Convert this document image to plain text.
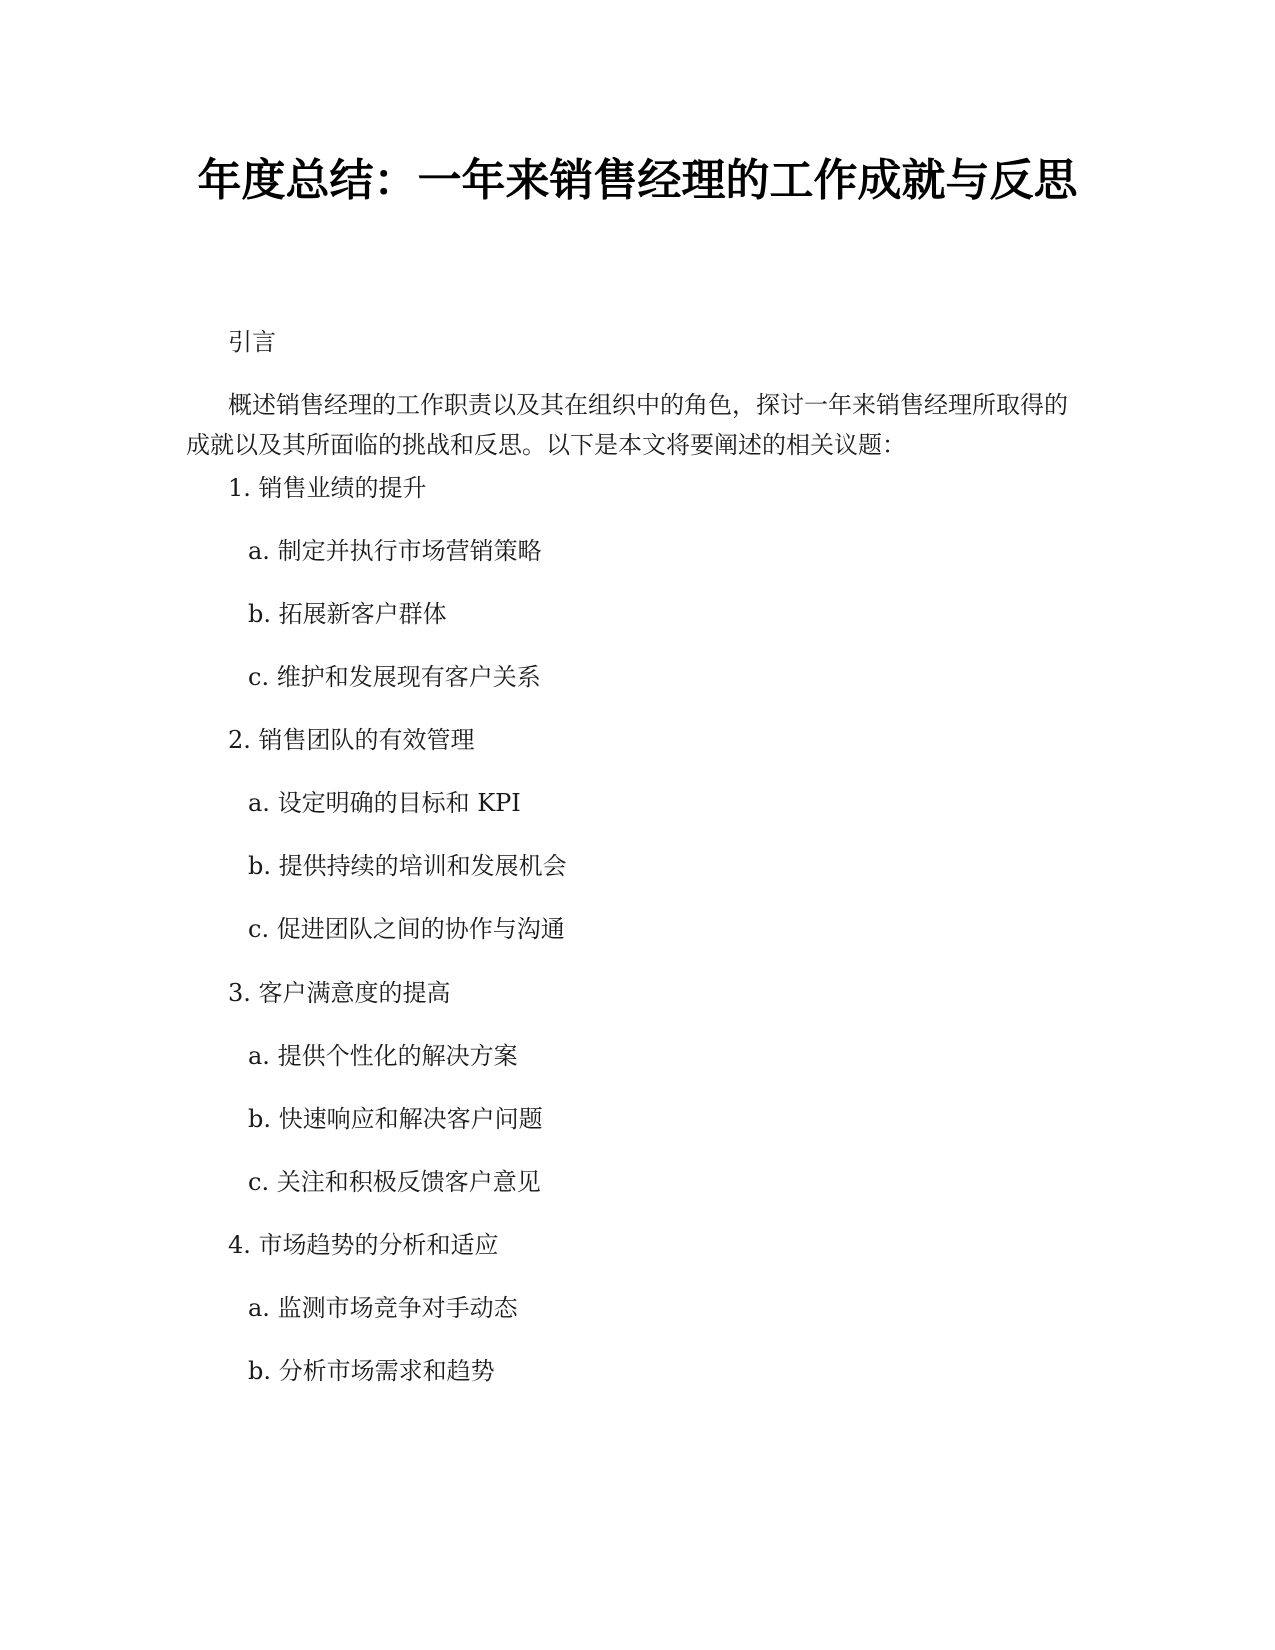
年度总结：一年来销售经理的工作成就与反思

引言

概述销售经理的工作职责以及其在组织中的角色，探讨一年来销售经理所取得的成就以及其所面临的挑战和反思。以下是本文将要阐述的相关议题：

1. 销售业绩的提升

a. 制定并执行市场营销策略

b. 拓展新客户群体

c. 维护和发展现有客户关系

2. 销售团队的有效管理

a. 设定明确的目标和 KPI

b. 提供持续的培训和发展机会

c. 促进团队之间的协作与沟通

3. 客户满意度的提高

a. 提供个性化的解决方案

b. 快速响应和解决客户问题

c. 关注和积极反馈客户意见

4. 市场趋势的分析和适应

a. 监测市场竞争对手动态

b. 分析市场需求和趋势
